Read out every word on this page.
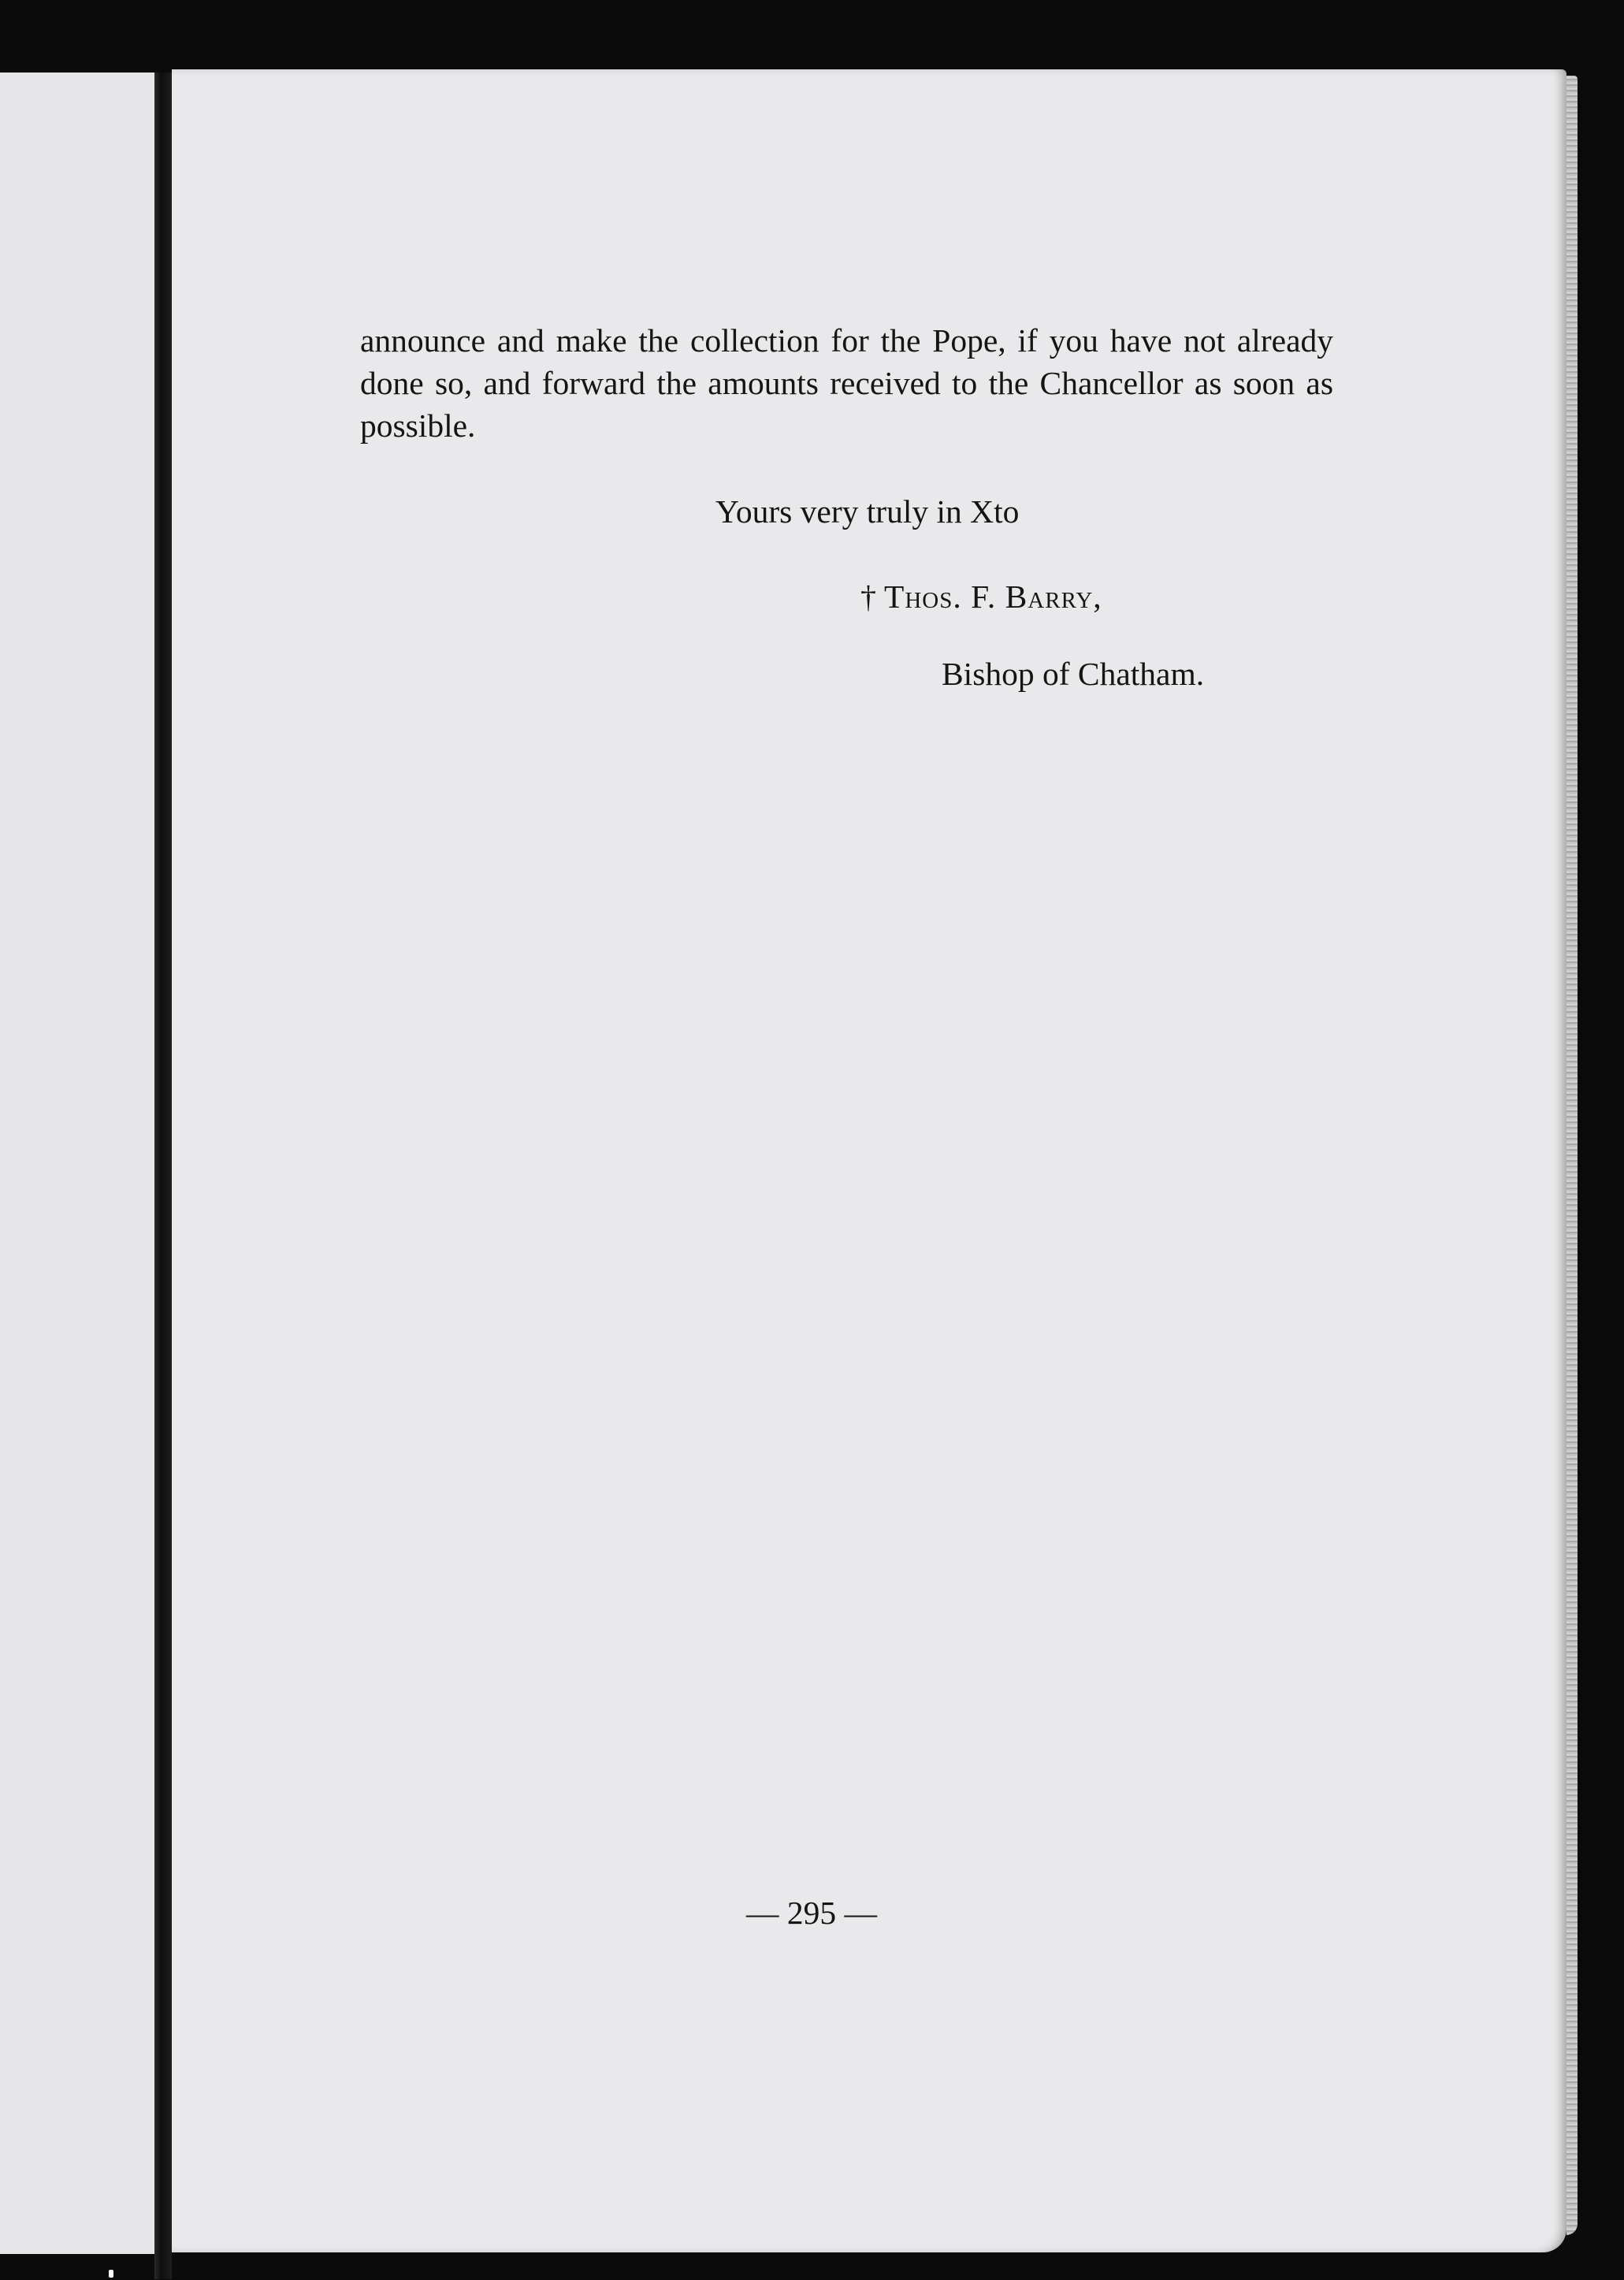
announce and make the collection for the Pope, if you have not already done so, and forward the amounts received to the Chancellor as soon as possible.

Yours very truly in Xto

† Thos. F. Barry,

Bishop of Chatham.

— 295 —
